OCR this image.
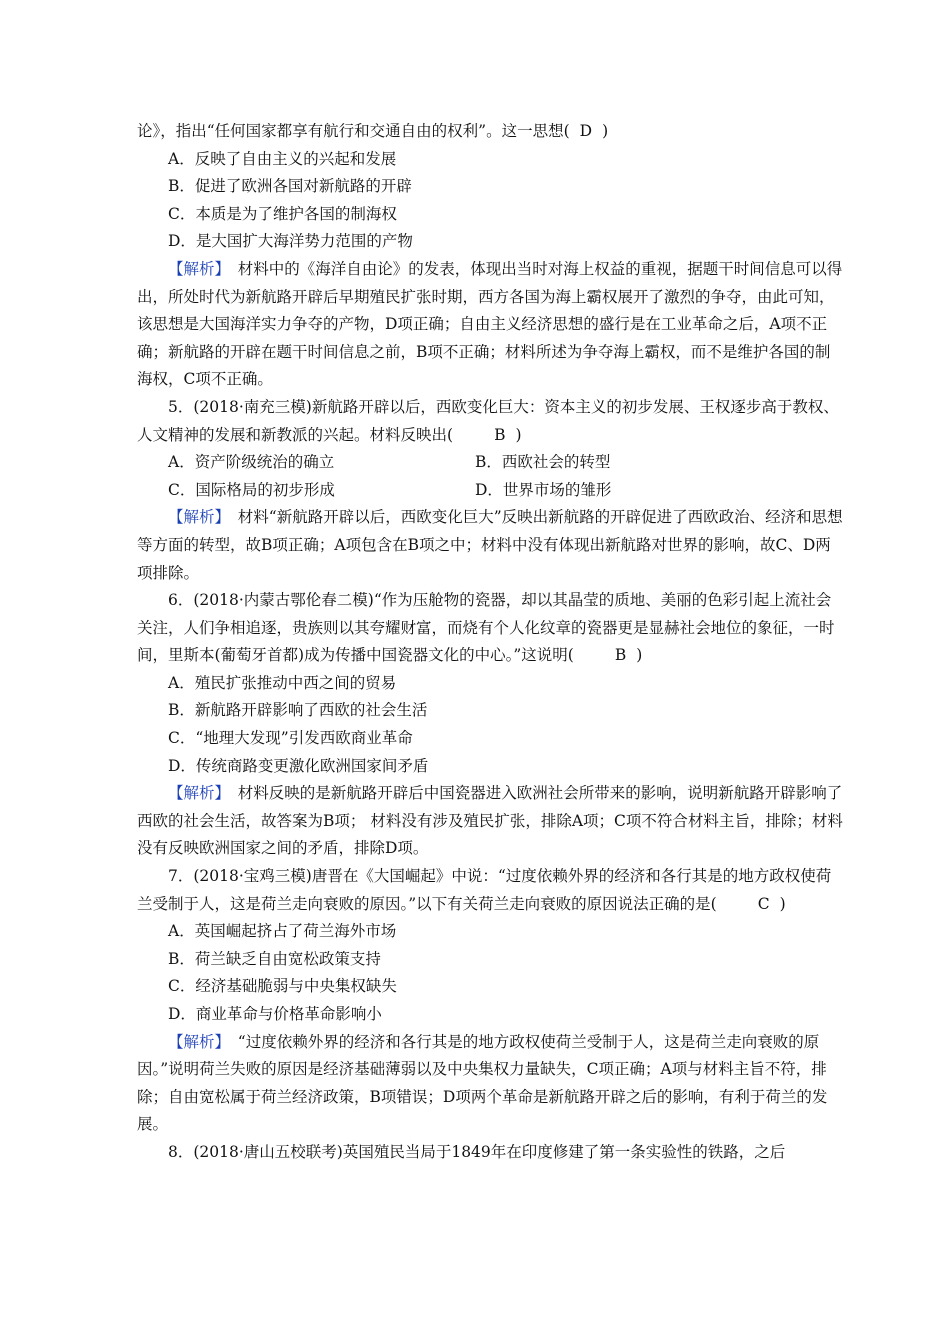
论》，指出“任何国家都享有航行和交通自由的权利”。这一思想( D )

A．反映了自由主义的兴起和发展

B．促进了欧洲各国对新航路的开辟

C．本质是为了维护各国的制海权

D．是大国扩大海洋势力范围的产物

【解析】　 材料中的《海洋自由论》的发表，体现出当时对海上权益的重视，据题干时间信息可以得出，所处时代为新航路开辟后早期殖民扩张时期，西方各国为海上霸权展开了激烈的争夺，由此可知，该思想是大国海洋实力争夺的产物，D项正确；自由主义经济思想的盛行是在工业革命之后，A项不正确；新航路的开辟在题干时间信息之前，B项不正确；材料所述为争夺海上霸权，而不是维护各国的制海权，C项不正确。

5．(2018·南充三模)新航路开辟以后，西欧变化巨大：资本主义的初步发展、王权逐步高于教权、人文精神的发展和新教派的兴起。材料反映出(	B )

A．资产阶级统治的确立	B．西欧社会的转型
C．国际格局的初步形成	D．世界市场的雏形

【解析】　 材料“新航路开辟以后，西欧变化巨大”反映出新航路的开辟促进了西欧政治、经济和思想等方面的转型，故B项正确；A项包含在B项之中；材料中没有体现出新航路对世界的影响，故C、D两项排除。

6．(2018·内蒙古鄂伦春二模)“作为压舱物的瓷器，却以其晶莹的质地、美丽的色彩引起上流社会关注，人们争相追逐，贵族则以其夸耀财富，而烧有个人化纹章的瓷器更是显赫社会地位的象征，一时间，里斯本(葡萄牙首都)成为传播中国瓷器文化的中心。”这说明(	B )

A．殖民扩张推动中西之间的贸易

B．新航路开辟影响了西欧的社会生活

C．“地理大发现”引发西欧商业革命

D．传统商路变更激化欧洲国家间矛盾

【解析】　 材料反映的是新航路开辟后中国瓷器进入欧洲社会所带来的影响，说明新航路开辟影响了西欧的社会生活，故答案为B项； 材料没有涉及殖民扩张，排除A项；C项不符合材料主旨，排除；材料没有反映欧洲国家之间的矛盾，排除D项。

7．(2018·宝鸡三模)唐晋在《大国崛起》中说：“过度依赖外界的经济和各行其是的地方政权使荷兰受制于人，这是荷兰走向衰败的原因。”以下有关荷兰走向衰败的原因说法正确的是(	C )

A．英国崛起挤占了荷兰海外市场

B．荷兰缺乏自由宽松政策支持

C．经济基础脆弱与中央集权缺失

D．商业革命与价格革命影响小

【解析】　 “过度依赖外界的经济和各行其是的地方政权使荷兰受制于人，这是荷兰走向衰败的原因。”说明荷兰失败的原因是经济基础薄弱以及中央集权力量缺失，C项正确；A项与材料主旨不符，排除；自由宽松属于荷兰经济政策，B项错误；D项两个革命是新航路开辟之后的影响，有利于荷兰的发展。

8．(2018·唐山五校联考)英国殖民当局于1849年在印度修建了第一条实验性的铁路，之后
